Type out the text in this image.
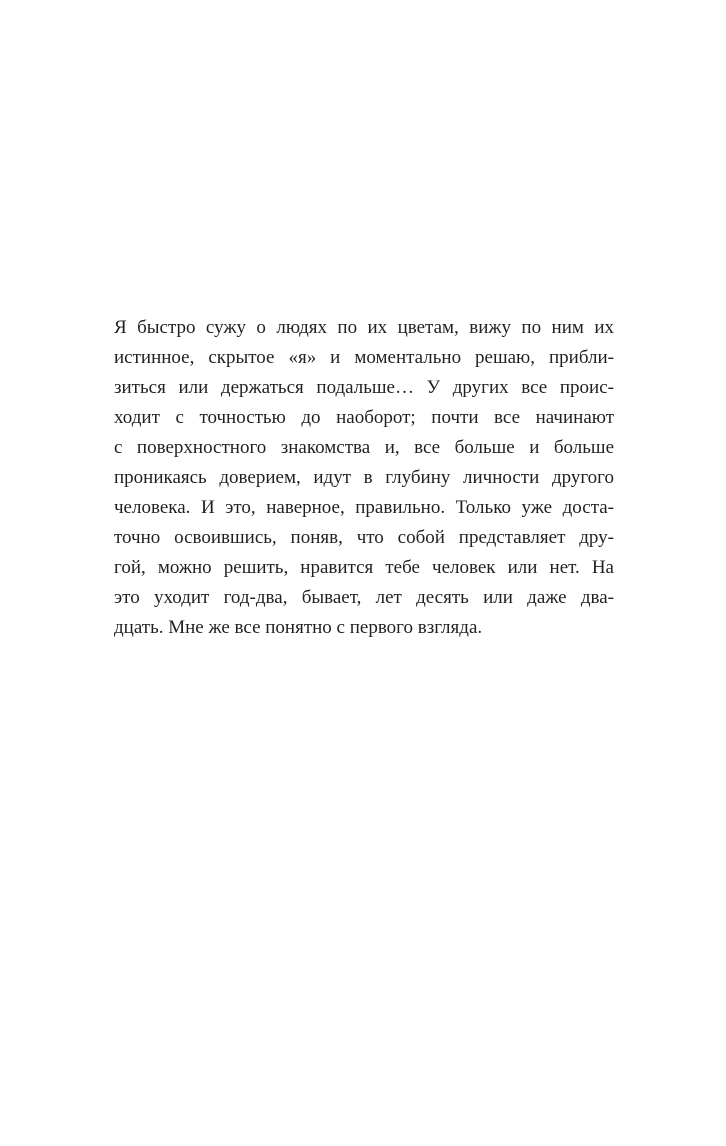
Я быстро сужу о людях по их цветам, вижу по ним их
истинное, скрытое «я» и моментально решаю, прибли-
зиться или держаться подальше… У других все проис-
ходит с точностью до наоборот; почти все начинают
с поверхностного знакомства и, все больше и больше
проникаясь доверием, идут в глубину личности другого
человека. И это, наверное, правильно. Только уже доста-
точно освоившись, поняв, что собой представляет дру-
гой, можно решить, нравится тебе человек или нет. На
это уходит год-два, бывает, лет десять или даже два-
дцать. Мне же все понятно с первого взгляда.
